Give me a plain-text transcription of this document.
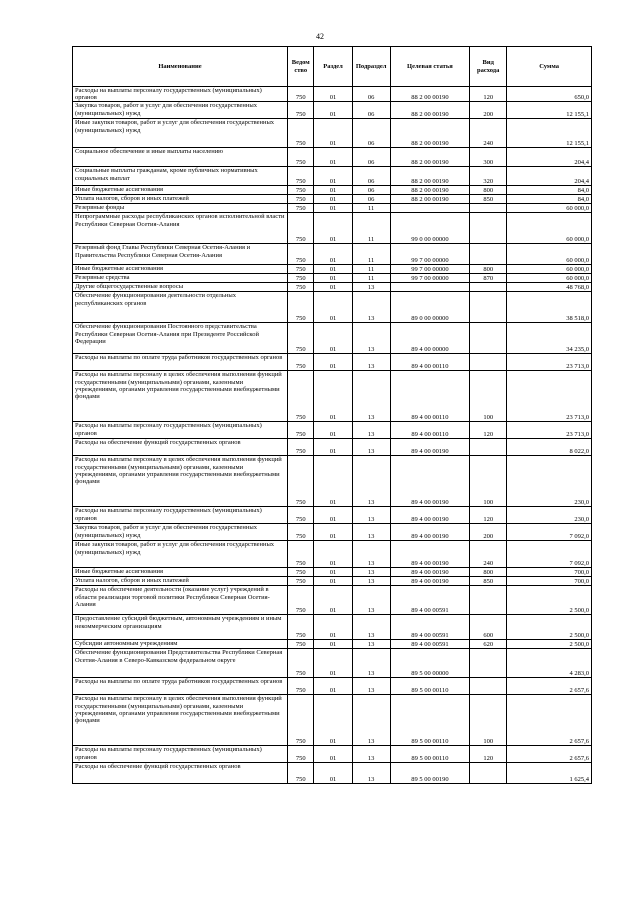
42
Наименование	Ведом ство	Раздел	Подраздел	Целевая статья	Вид расхода	Сумма
Расходы на выплаты персоналу государственных (муниципальных) органов	750	01	06	88 2 00 00190	120	650,0
Закупка товаров, работ и услуг для обеспечения государственных (муниципальных) нужд	750	01	06	88 2 00 00190	200	12 155,1
Иные закупки товаров, работ и услуг для обеспечения государственных (муниципальных) нужд	750	01	06	88 2 00 00190	240	12 155,1
Социальное обеспечение и иные выплаты населению	750	01	06	88 2 00 00190	300	204,4
Социальные выплаты гражданам, кроме публичных нормативных социальных выплат	750	01	06	88 2 00 00190	320	204,4
Иные бюджетные ассигнования	750	01	06	88 2 00 00190	800	84,0
Уплата налогов, сборов и иных платежей	750	01	06	88 2 00 00190	850	84,0
Резервные фонды	750	01	11			60 000,0
Непрограммные расходы республиканских органов исполнительной власти Республики Северная Осетия-Алания	750	01	11	99 0 00 00000		60 000,0
Резервный фонд Главы Республики Северная Осетия-Алания и Правительства Республики Северная Осетия-Алания	750	01	11	99 7 00 00000		60 000,0
Иные бюджетные ассигнования	750	01	11	99 7 00 00000	800	60 000,0
Резервные средства	750	01	11	99 7 00 00000	870	60 000,0
Другие общегосударственные вопросы	750	01	13			48 768,0
Обеспечение функционирования деятельности отдельных республиканских органов	750	01	13	89 0 00 00000		38 518,0
Обеспечение функционирования Постоянного представительства Республики Северная Осетия-Алания при Президенте Российской Федерации	750	01	13	89 4 00 00000		34 235,0
Расходы на выплаты по оплате труда работников государственных органов	750	01	13	89 4 00 00110		23 713,0
Расходы на выплаты персоналу в целях обеспечения выполнения функций государственными (муниципальными) органами, казенными учреждениями, органами управления государственными внебюджетными фондами	750	01	13	89 4 00 00110	100	23 713,0
Расходы на выплаты персоналу государственных (муниципальных) органов	750	01	13	89 4 00 00110	120	23 713,0
Расходы на обеспечение функций государственных органов	750	01	13	89 4 00 00190		8 022,0
Расходы на выплаты персоналу в целях обеспечения выполнения функций государственными (муниципальными) органами, казенными учреждениями, органами управления государственными внебюджетными фондами	750	01	13	89 4 00 00190	100	230,0
Расходы на выплаты персоналу государственных (муниципальных) органов	750	01	13	89 4 00 00190	120	230,0
Закупка товаров, работ и услуг для обеспечения государственных (муниципальных) нужд	750	01	13	89 4 00 00190	200	7 092,0
Иные закупки товаров, работ и услуг для обеспечения государственных (муниципальных) нужд	750	01	13	89 4 00 00190	240	7 092,0
Иные бюджетные ассигнования	750	01	13	89 4 00 00190	800	700,0
Уплата налогов, сборов и иных платежей	750	01	13	89 4 00 00190	850	700,0
Расходы на обеспечение деятельности (оказание услуг) учреждений в области реализации торговой политики Республики Северная Осетия-Алания	750	01	13	89 4 00 00591		2 500,0
Предоставление субсидий бюджетным, автономным учреждениям и иным некоммерческим организациям	750	01	13	89 4 00 00591	600	2 500,0
Субсидии автономным учреждениям	750	01	13	89 4 00 00591	620	2 500,0
Обеспечение функционирования Представительства Республики Северная Осетия-Алания в Северо-Кавказском федеральном округе	750	01	13	89 5 00 00000		4 283,0
Расходы на выплаты по оплате труда работников государственных органов	750	01	13	89 5 00 00110		2 657,6
Расходы на выплаты персоналу в целях обеспечения выполнения функций государственными (муниципальными) органами, казенными учреждениями, органами управления государственными внебюджетными фондами	750	01	13	89 5 00 00110	100	2 657,6
Расходы на выплаты персоналу государственных (муниципальных) органов	750	01	13	89 5 00 00110	120	2 657,6
Расходы на обеспечение функций государственных органов	750	01	13	89 5 00 00190		1 625,4
